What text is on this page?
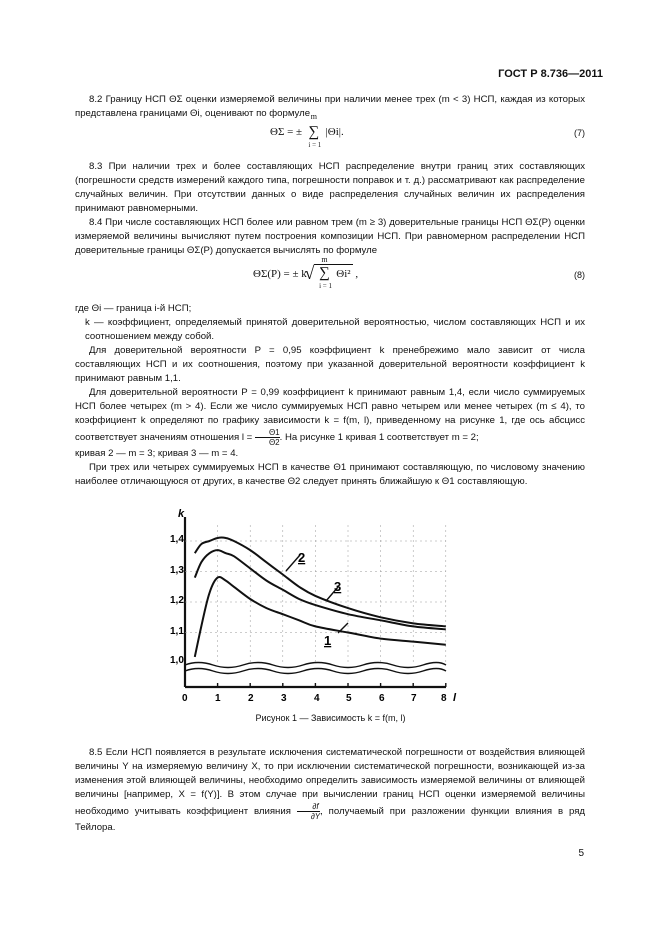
ГОСТ Р 8.736—2011

8.2 Границу НСП ΘΣ оценки измеряемой величины при наличии менее трех (m < 3) НСП, каждая из которых представлена границами Θi, оценивают по формуле

ΘΣ = ±
m
∑
i = 1
|Θi|.	(7)

8.3 При наличии трех и более составляющих НСП распределение внутри границ этих составляющих (погрешности средств измерений каждого типа, погрешности поправок и т. д.) рассматривают как распределение случайных величин. При отсутствии данных о виде распределения случайных величин их распределения принимают равномерными.

8.4 При числе составляющих НСП более или равном трем (m ≥ 3) доверительные границы НСП ΘΣ(P) оценки измеряемой величины вычисляют путем построения композиции НСП. При равномерном распределении НСП доверительные границы ΘΣ(P) допускается вычислять по формуле

ΘΣ(P) = ± k
√
m
∑
i = 1
Θi² ,	(8)

где Θi — граница i-й НСП;

k — коэффициент, определяемый принятой доверительной вероятностью, числом составляющих НСП и их соотношением между собой.

Для доверительной вероятности P = 0,95 коэффициент k пренебрежимо мало зависит от числа составляющих НСП и их соотношения, поэтому при указанной доверительной вероятности коэффициент k принимают равным 1,1.

Для доверительной вероятности P = 0,99 коэффициент k принимают равным 1,4, если число суммируемых НСП более четырех (m > 4). Если же число суммируемых НСП равно четырем или менее четырех (m ≤ 4), то коэффициент k определяют по графику зависимости k = f(m, l), приведенному на рисунке 1, где ось абсцисс соответствует значениям отношения $l = \frac{\Theta 1}{\Theta 2}$ . На рисунке 1 кривая 1 соответствует m = 2;

кривая 2 — m = 3; кривая 3 — m = 4.

При трех или четырех суммируемых НСП в качестве Θ1 принимают составляющую, по числовому значению наиболее отличающуюся от других, в качестве Θ2 следует принять ближайшую к Θ1 составляющую.

k
l
1,4
1,3
1,2
1,1
1,0
0	1	2	3	4	5	6	7 8
2
3
1
Рисунок 1 — Зависимость k = f(m, l)

8.5 Если НСП появляется в результате исключения систематической погрешности от воздействия влияющей величины Y на измеряемую величину X, то при исключении систематической погрешности, возникающей из-за изменения этой влияющей величины, необходимо определить зависимость измеряемой величины от влияющей величины [например, X = f(Y)]. В этом случае при вычислении границ НСП оценки измеряемой величины необходимо учитывать коэффициент влияния $\frac{\partial f}{\partial Y}$ , получаемый при разложении функции влияния в ряд Тейлора.

5
